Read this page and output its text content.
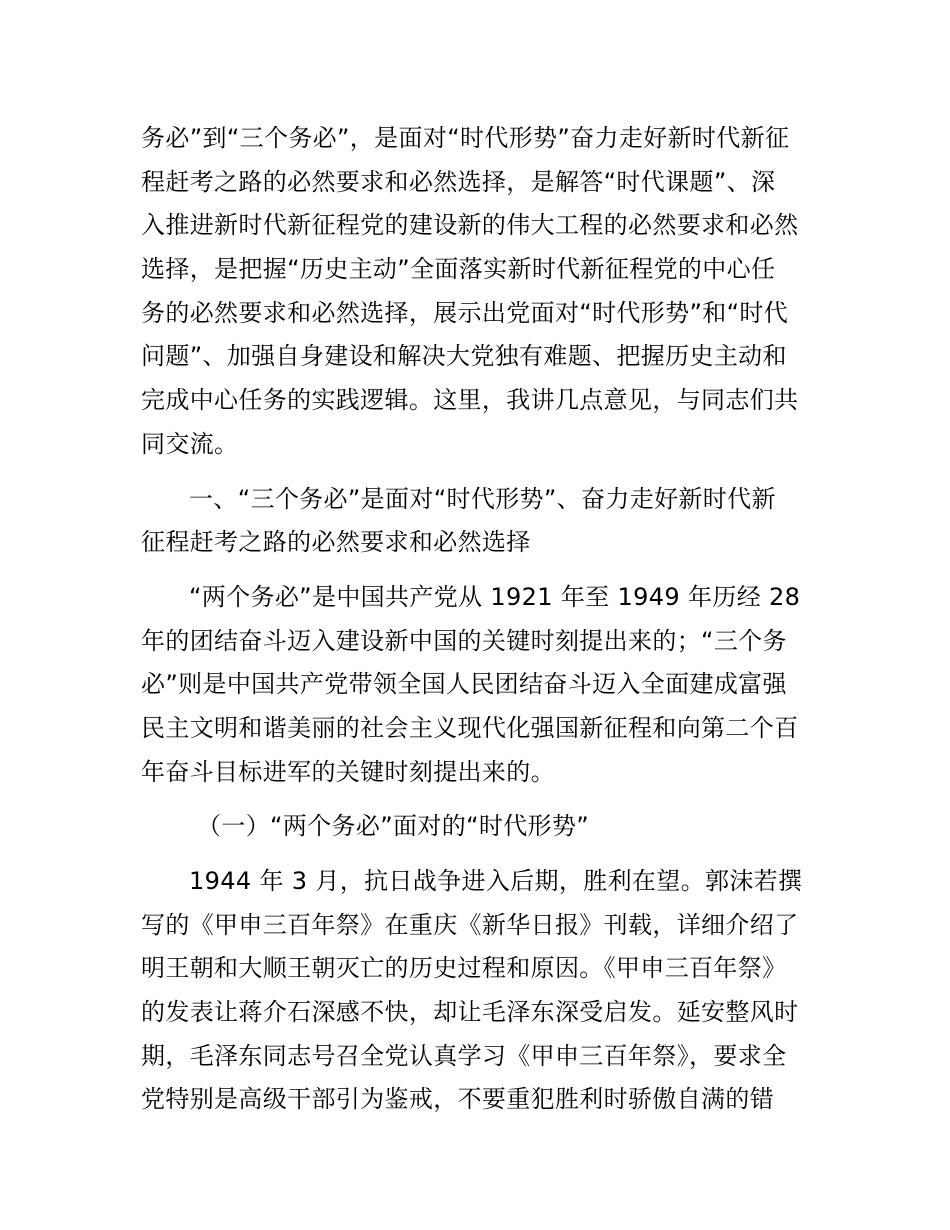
务必”到“三个务必”，是面对“时代形势”奋力走好新时代新征
程赶考之路的必然要求和必然选择，是解答“时代课题”、深
入推进新时代新征程党的建设新的伟大工程的必然要求和必然
选择，是把握“历史主动”全面落实新时代新征程党的中心任
务的必然要求和必然选择，展示出党面对“时代形势”和“时代
问题”、加强自身建设和解决大党独有难题、把握历史主动和
完成中心任务的实践逻辑。这里，我讲几点意见，与同志们共
同交流。
一、“三个务必”是面对“时代形势”、奋力走好新时代新
征程赶考之路的必然要求和必然选择
“两个务必”是中国共产党从 1921 年至 1949 年历经 28
年的团结奋斗迈入建设新中国的关键时刻提出来的；“三个务
必”则是中国共产党带领全国人民团结奋斗迈入全面建成富强
民主文明和谐美丽的社会主义现代化强国新征程和向第二个百
年奋斗目标进军的关键时刻提出来的。
（一）“两个务必”面对的“时代形势”
1944 年 3 月，抗日战争进入后期，胜利在望。郭沫若撰
写的《甲申三百年祭》在重庆《新华日报》刊载，详细介绍了
明王朝和大顺王朝灭亡的历史过程和原因。《甲申三百年祭》
的发表让蒋介石深感不快，却让毛泽东深受启发。延安整风时
期，毛泽东同志号召全党认真学习《甲申三百年祭》，要求全
党特别是高级干部引为鉴戒，不要重犯胜利时骄傲自满的错
